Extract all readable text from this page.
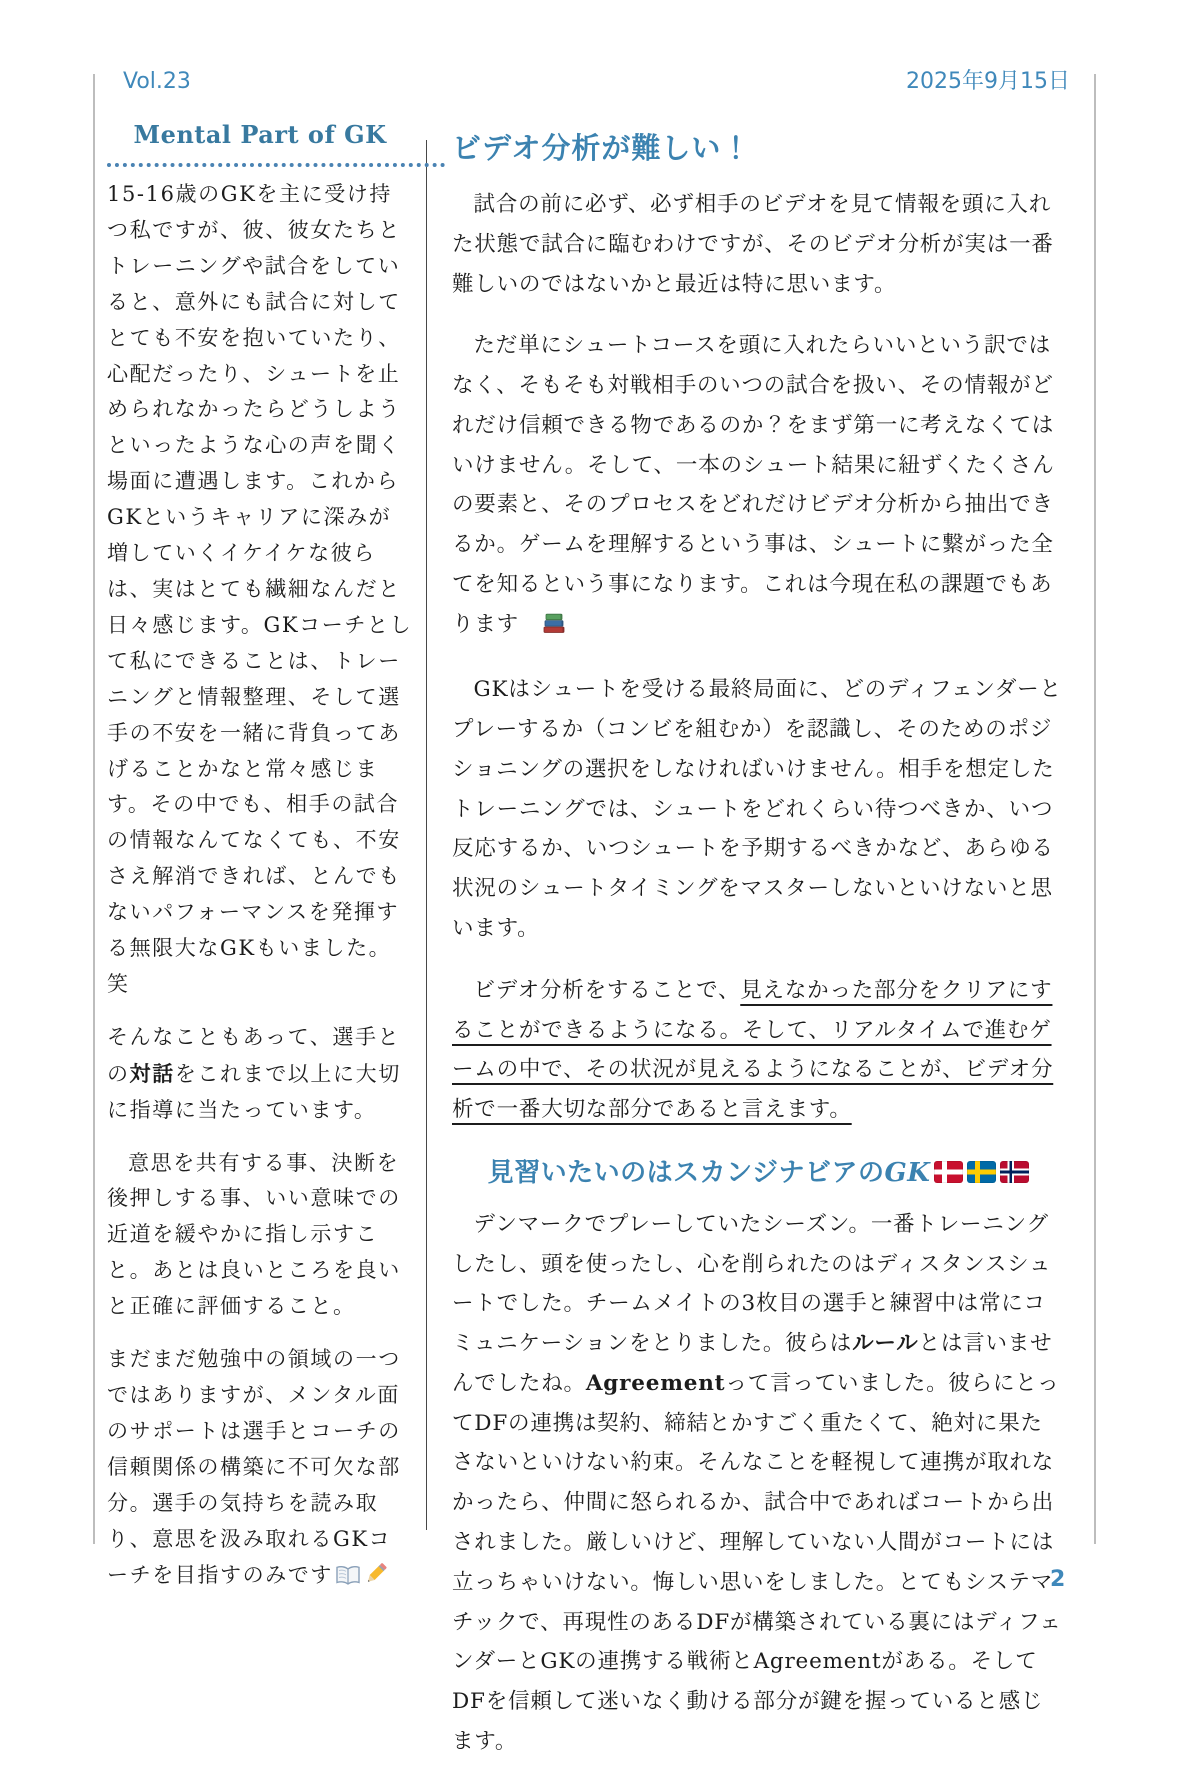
Vol.23	2025年9月15日
Mental Part of GK

15-16歳のGKを主に受け持つ私ですが、彼、彼女たちとトレーニングや試合をしていると、意外にも試合に対してとても不安を抱いていたり、心配だったり、シュートを止められなかったらどうしようといったような心の声を聞く場面に遭遇します。これからGKというキャリアに深みが増していくイケイケな彼らは、実はとても繊細なんだと日々感じます。GKコーチとして私にできることは、トレーニングと情報整理、そして選手の不安を一緒に背負ってあげることかなと常々感じます。その中でも、相手の試合の情報なんてなくても、不安さえ解消できれば、とんでもないパフォーマンスを発揮する無限大なGKもいました。笑

そんなこともあって、選手との対話をこれまで以上に大切に指導に当たっています。

意思を共有する事、決断を後押しする事、いい意味での近道を緩やかに指し示すこと。あとは良いところを良いと正確に評価すること。

まだまだ勉強中の領域の一つではありますが、メンタル面のサポートは選手とコーチの信頼関係の構築に不可欠な部分。選手の気持ちを読み取り、意思を汲み取れるGKコーチを目指すのみです

ビデオ分析が難しい！

試合の前に必ず、必ず相手のビデオを見て情報を頭に入れた状態で試合に臨むわけですが、そのビデオ分析が実は一番難しいのではないかと最近は特に思います。

ただ単にシュートコースを頭に入れたらいいという訳ではなく、そもそも対戦相手のいつの試合を扱い、その情報がどれだけ信頼できる物であるのか？をまず第一に考えなくてはいけません。そして、一本のシュート結果に紐ずくたくさんの要素と、そのプロセスをどれだけビデオ分析から抽出できるか。ゲームを理解するという事は、シュートに繋がった全てを知るという事になります。これは今現在私の課題でもあります

GKはシュートを受ける最終局面に、どのディフェンダーとプレーするか（コンビを組むか）を認識し、そのためのポジショニングの選択をしなければいけません。相手を想定したトレーニングでは、シュートをどれくらい待つべきか、いつ反応するか、いつシュートを予期するべきかなど、あらゆる状況のシュートタイミングをマスターしないといけないと思います。

ビデオ分析をすることで、見えなかった部分をクリアにすることができるようになる。そして、リアルタイムで進むゲームの中で、その状況が見えるようになることが、ビデオ分析で一番大切な部分であると言えます。

見習いたいのはスカンジナビアのGK

デンマークでプレーしていたシーズン。一番トレーニングしたし、頭を使ったし、心を削られたのはディスタンスシュートでした。チームメイトの3枚目の選手と練習中は常にコミュニケーションをとりました。彼らはルールとは言いませんでしたね。Agreementって言っていました。彼らにとってDFの連携は契約、締結とかすごく重たくて、絶対に果たさないといけない約束。そんなことを軽視して連携が取れなかったら、仲間に怒られるか、試合中であればコートから出されました。厳しいけど、理解していない人間がコートには立っちゃいけない。悔しい思いをしました。とてもシステマチックで、再現性のあるDFが構築されている裏にはディフェンダーとGKの連携する戦術とAgreementがある。そしてDFを信頼して迷いなく動ける部分が鍵を握っていると感じます。

2
